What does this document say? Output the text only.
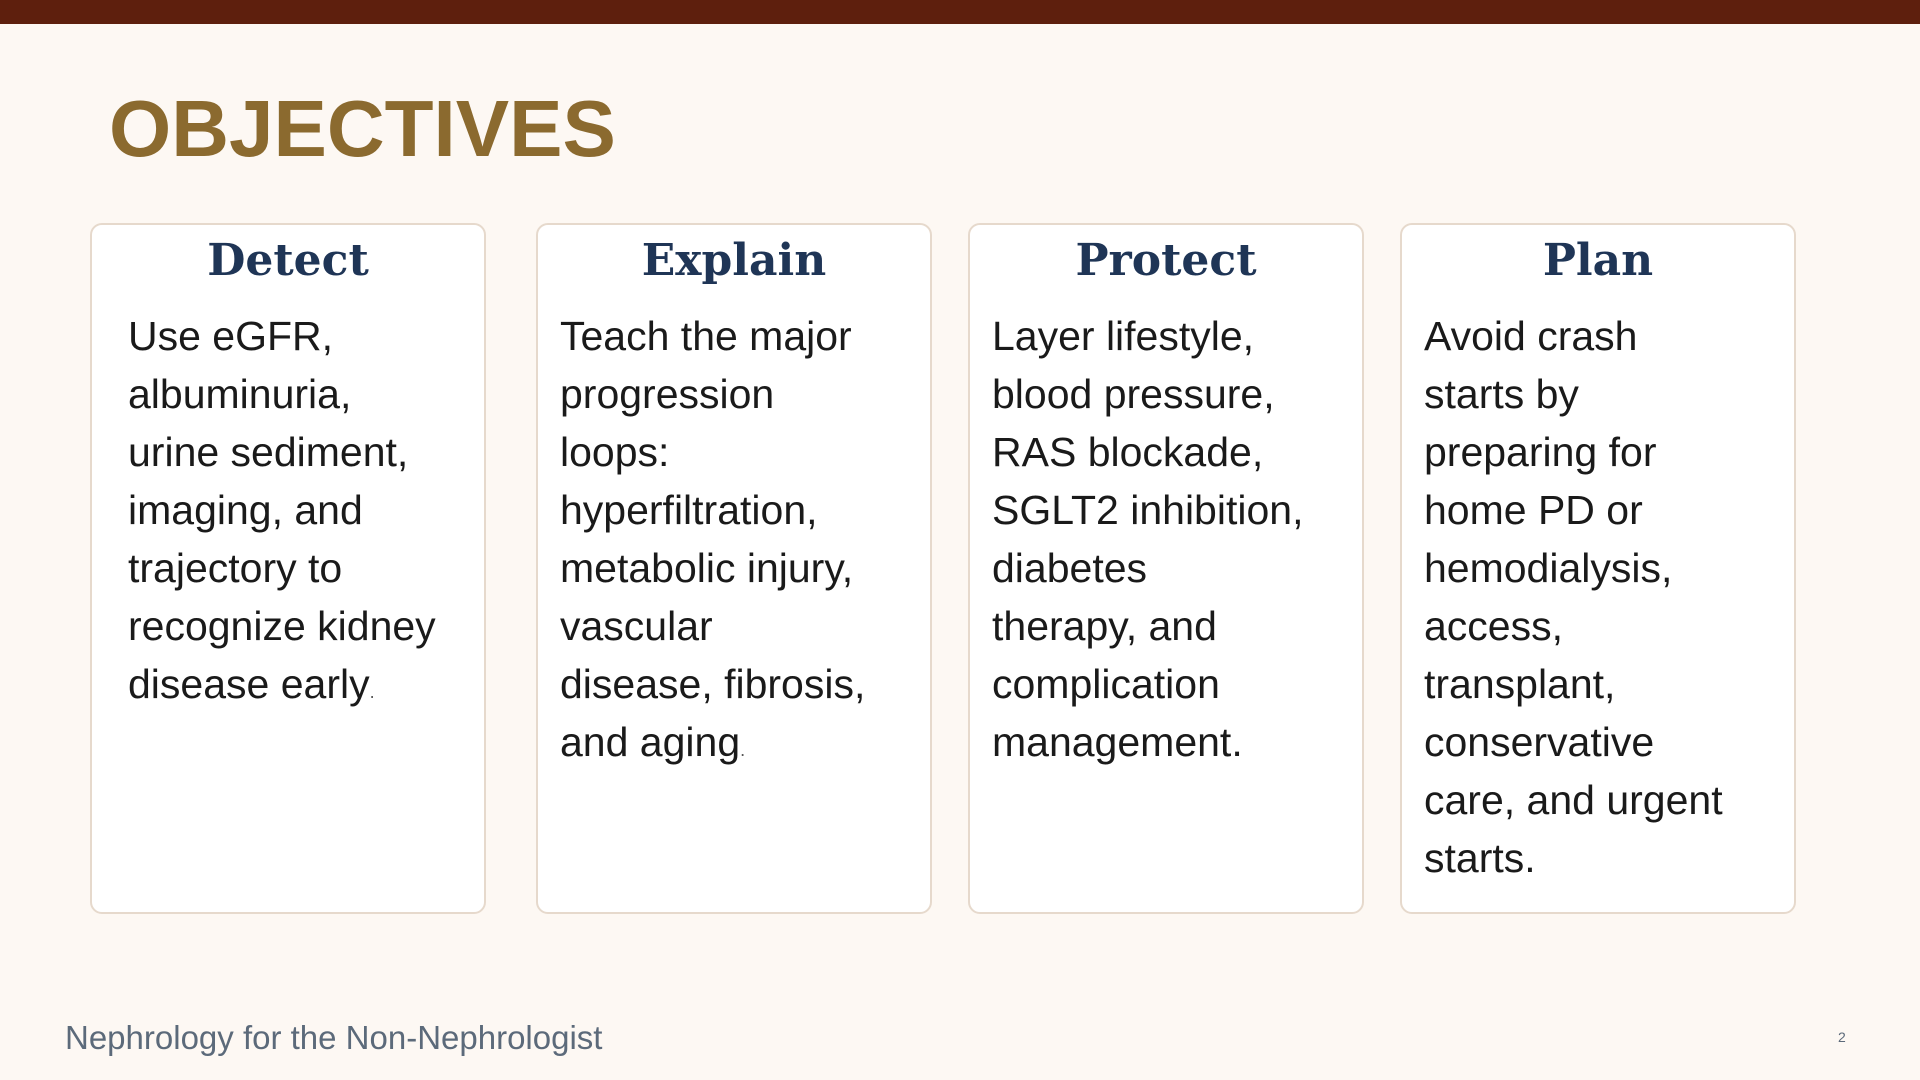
OBJECTIVES
Detect
Use eGFR,
albuminuria,
urine sediment,
imaging, and
trajectory to
recognize kidney
disease early.
Explain
Teach the major
progression
loops:
hyperfiltration,
metabolic injury,
vascular
disease, fibrosis,
and aging.
Protect
Layer lifestyle,
blood pressure,
RAS blockade,
SGLT2 inhibition,
diabetes
therapy, and
complication
management.
Plan
Avoid crash
starts by
preparing for
home PD or
hemodialysis,
access,
transplant,
conservative
care, and urgent
starts.
Nephrology for the Non-Nephrologist	2
